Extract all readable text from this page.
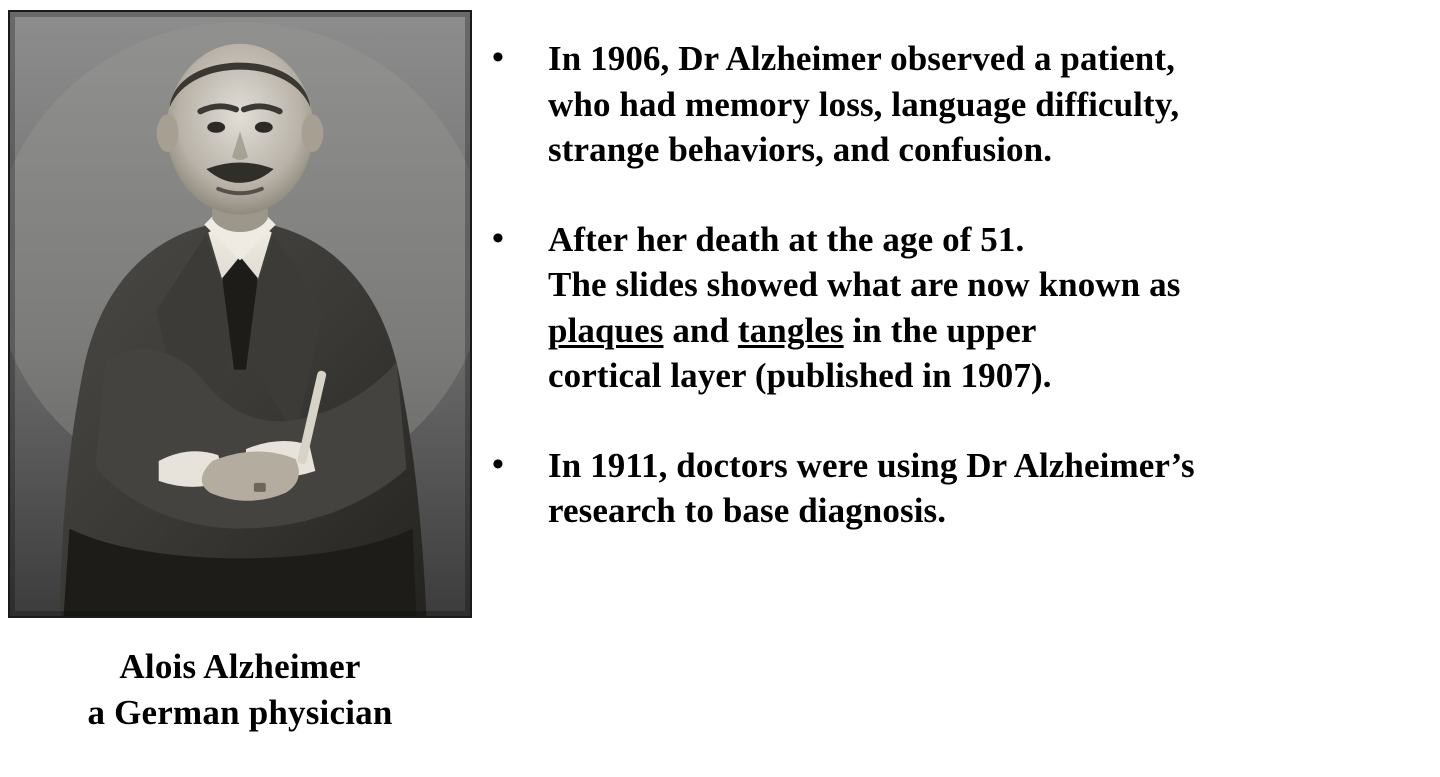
Alois Alzheimer
a German physician
•	In 1906, Dr Alzheimer observed a patient,
who had memory loss, language difficulty,
strange behaviors, and confusion.
•	After her death at the age of 51.
The slides showed what are now known as
plaques and tangles in the upper
cortical layer (published in 1907).
•	In 1911, doctors were using Dr Alzheimer’s
research to base diagnosis.
